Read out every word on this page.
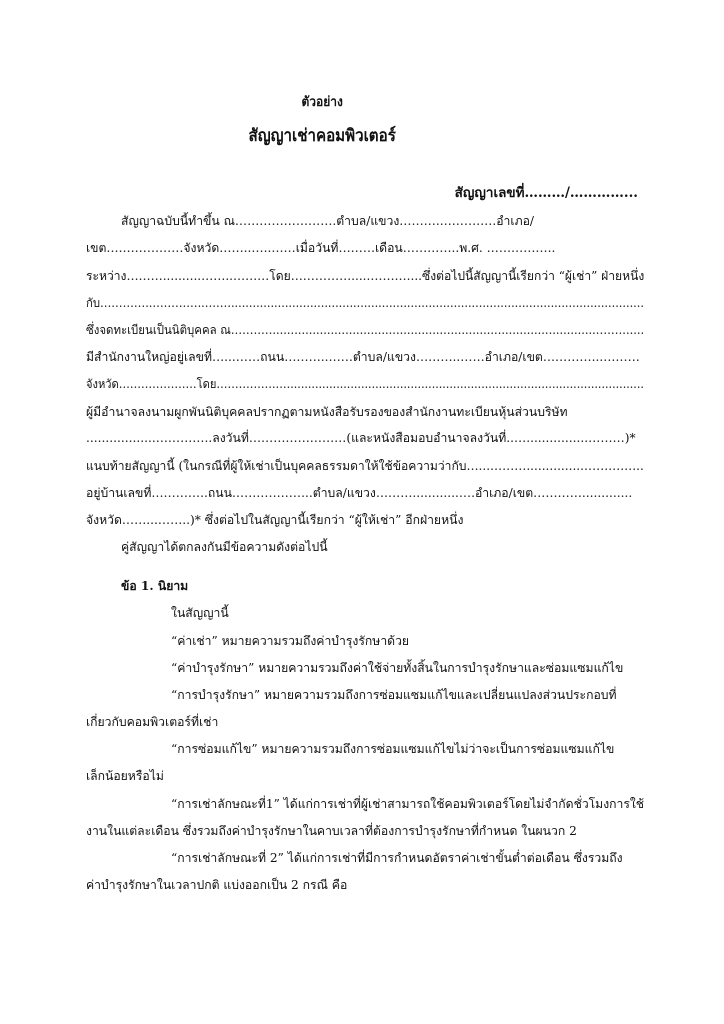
ตัวอย่าง
สัญญาเช่าคอมพิวเตอร์
สัญญาเลขที่………/…………...
สัญญาฉบับนี้ทำขึ้น ณ…………………….ตำบล/แขวง………..………….อำเภอ/
เขต….……………จังหวัด……..…..……เมื่อวันที่………เดือน…………..พ.ศ. ……………..
ระหว่าง………..........……..………โดย…………….....………....ซึ่งต่อไปนี้สัญญานี้เรียกว่า “ผู้เช่า” ฝ่ายหนึ่ง
กับ…………..…………..……....................................................................................................................
ซึ่งจดทะเบียนเป็นนิติบุคคล ณ.…….…..........................................................................................……......
มีสำนักงานใหญ่อยู่เลขที่…...……ถนน………..……ตำบล/แขวง………..……อำเภอ/เขต…………...………
จังหวัด…………………โดย…………….….....................................................................................................
ผู้มีอำนาจลงนามผูกพันนิติบุคคลปรากฏตามหนังสือรับรองของสำนักงานทะเบียนหุ้นส่วนบริษัท
..................…………..ลงวันที่……………………(และหนังสือมอบอำนาจลงวันที่..…................………)*
แนบท้ายสัญญานี้ (ในกรณีที่ผู้ให้เช่าเป็นบุคคลธรรมดาให้ใช้ข้อความว่ากับ…...………...............……….…..
อยู่บ้านเลขที่…………..ถนน………………..ตำบล/แขวง………............….อำเภอ/เขต………….............
จังหวัด……...……..)* ซึ่งต่อไปในสัญญานี้เรียกว่า “ผู้ให้เช่า” อีกฝ่ายหนึ่ง
คู่สัญญาได้ตกลงกันมีข้อความดังต่อไปนี้
ข้อ 1. นิยาม
ในสัญญานี้
“ค่าเช่า” หมายความรวมถึงค่าบำรุงรักษาด้วย
“ค่าบำรุงรักษา” หมายความรวมถึงค่าใช้จ่ายทั้งสิ้นในการบำรุงรักษาและซ่อมแซมแก้ไข
“การบำรุงรักษา” หมายความรวมถึงการซ่อมแซมแก้ไขและเปลี่ยนแปลงส่วนประกอบที่
เกี่ยวกับคอมพิวเตอร์ที่เช่า
“การซ่อมแก้ไข” หมายความรวมถึงการซ่อมแซมแก้ไขไม่ว่าจะเป็นการซ่อมแซมแก้ไข
เล็กน้อยหรือไม่
“การเช่าลักษณะที่1” ได้แก่การเช่าที่ผู้เช่าสามารถใช้คอมพิวเตอร์โดยไม่จำกัดชั่วโมงการใช้
งานในแต่ละเดือน ซึ่งรวมถึงค่าบำรุงรักษาในคาบเวลาที่ต้องการบำรุงรักษาที่กำหนด ในผนวก 2
“การเช่าลักษณะที่ 2” ได้แก่การเช่าที่มีการกำหนดอัตราค่าเช่าขั้นต่ำต่อเดือน ซึ่งรวมถึง
ค่าบำรุงรักษาในเวลาปกติ แบ่งออกเป็น 2 กรณี คือ
